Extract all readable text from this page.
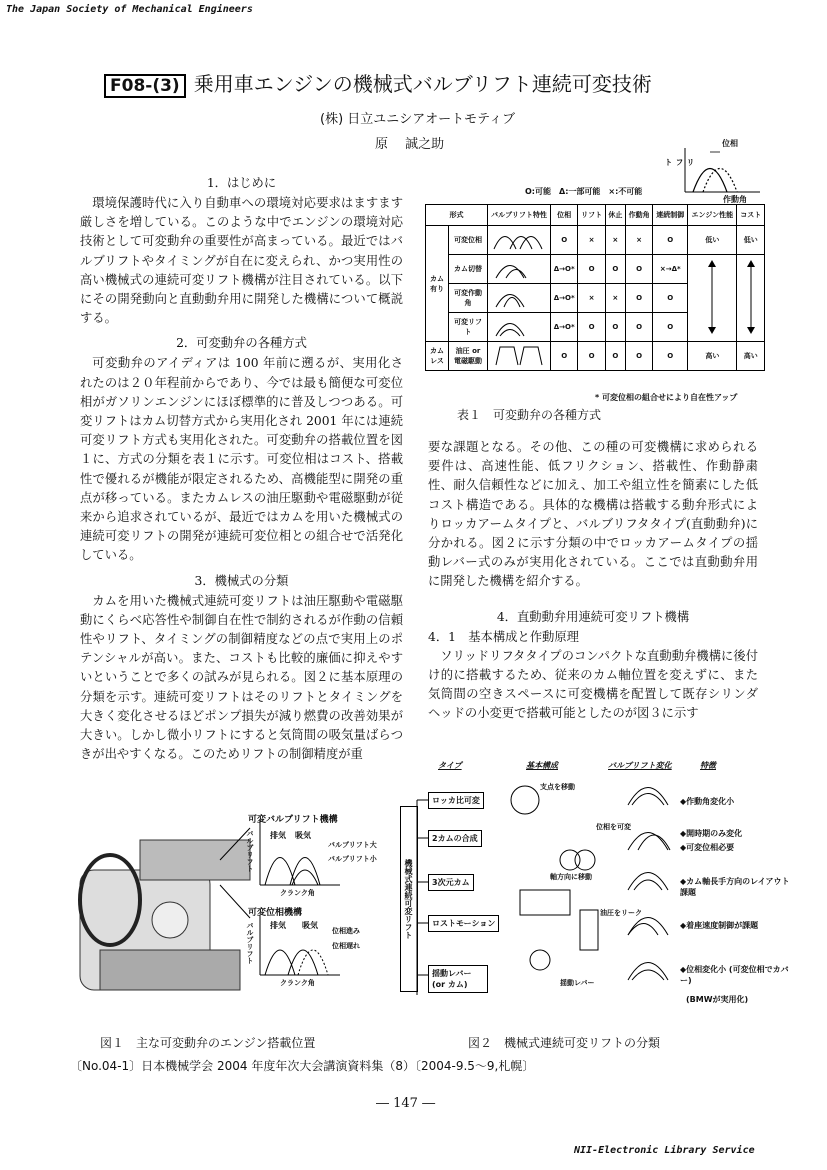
The Japan Society of Mechanical Engineers
F08-(3) 乗用車エンジンの機械式バルブリフト連続可変技術
(株) 日立ユニシアオートモティブ
原　 誠之助
1．はじめに

環境保護時代に入り自動車への環境対応要求はますます厳しさを増している。このような中でエンジンの環境対応技術として可変動弁の重要性が高まっている。最近ではバルブリフトやタイミングが自在に変えられ、かつ実用性の高い機械式の連続可変リフト機構が注目されている。以下にその開発動向と直動動弁用に開発した機構について概説する。

2．可変動弁の各種方式

可変動弁のアイディアは 100 年前に遡るが、実用化されたのは２０年程前からであり、今では最も簡便な可変位相がガソリンエンジンにほぼ標準的に普及しつつある。可変リフトはカム切替方式から実用化され 2001 年には連続可変リフト方式も実用化された。可変動弁の搭載位置を図１に、方式の分類を表１に示す。可変位相はコスト、搭載性で優れるが機能が限定されるため、高機能型に開発の重点が移っている。またカムレスの油圧駆動や電磁駆動が従来から追求されているが、最近ではカムを用いた機械式の連続可変リフトの開発が連続可変位相との組合せで活発化している。

3．機械式の分類

カムを用いた機械式連続可変リフトは油圧駆動や電磁駆動にくらべ応答性や制御自在性で制約されるが作動の信頼性やリフト、タイミングの制御精度などの点で実用上のポテンシャルが高い。また、コストも比較的廉価に抑えやすいということで多くの試みが見られる。図２に基本原理の分類を示す。連続可変リフトはそのリフトとタイミングを大きく変化させるほどポンプ損失が減り燃費の改善効果が大きい。しかし微小リフトにすると気筒間の吸気量ばらつきが出やすくなる。このためリフトの制御精度が重

位相
リフト
作動角
O:可能　Δ:一部可能　×:不可能
形式		バルブリフト特性	位相	リフト	休止	作動角	連続制御	エンジン性能	コスト
カム有り	可変位相		O	×	×	×	O	低い	低い
	カム切替		Δ→O*	O	O	O	×→Δ*		
	可変作動角		Δ→O*	×	×	O	O		
	可変リフト		Δ→O*	O	O	O	O		
カムレス	油圧 or 電磁駆動		O	O	O	O	O	高い	高い
* 可変位相の組合せにより自在性アップ
表１　可変動弁の各種方式

要な課題となる。その他、この種の可変機構に求められる要件は、高速性能、低フリクション、搭載性、作動静粛性、耐久信頼性などに加え、加工や組立性を簡素にした低コスト構造である。具体的な機構は搭載する動弁形式によりロッカアームタイプと、バルブリフタタイプ(直動動弁)に分かれる。図２に示す分類の中でロッカアームタイプの揺動レバー式のみが実用化されている。ここでは直動動弁用に開発した機構を紹介する。

4．直動動弁用連続可変リフト機構
4．1　基本構成と作動原理

ソリッドリフタタイプのコンパクトな直動動弁機構に後付け的に搭載するため、従来のカム軸位置を変えずに、また気筒間の空きスペースに可変機構を配置して既存シリンダヘッドの小変更で搭載可能としたのが図３に示す

可変バルブリフト機構
排気 吸気
バルブリフト大
バルブリフト小
バルブリフト
クランク角
可変位相機構
排気 吸気
位相進み
位相遅れ
バルブリフト
クランク角
図１　主な可変動弁のエンジン搭載位置
タイプ	基本構成	バルブリフト変化	特徴
機械式連続可変リフト
ロッカ比可変
2カムの合成
3次元カム
ロストモーション
揺動レバー (or カム)
支点を移動
位相を可変
軸方向に移動
油圧をリーク
揺動レバー
◆作動角変化小
◆開時期のみ変化
◆可変位相必要
◆カム軸長手方向のレイアウト課題
◆着座速度制御が課題
◆位相変化小 (可変位相でカバー)
(BMWが実用化)
図２　機械式連続可変リフトの分類
〔No.04-1〕日本機械学会 2004 年度年次大会講演資料集（8）〔2004-9.5〜9,札幌〕
― 147 ―
NII-Electronic Library Service
